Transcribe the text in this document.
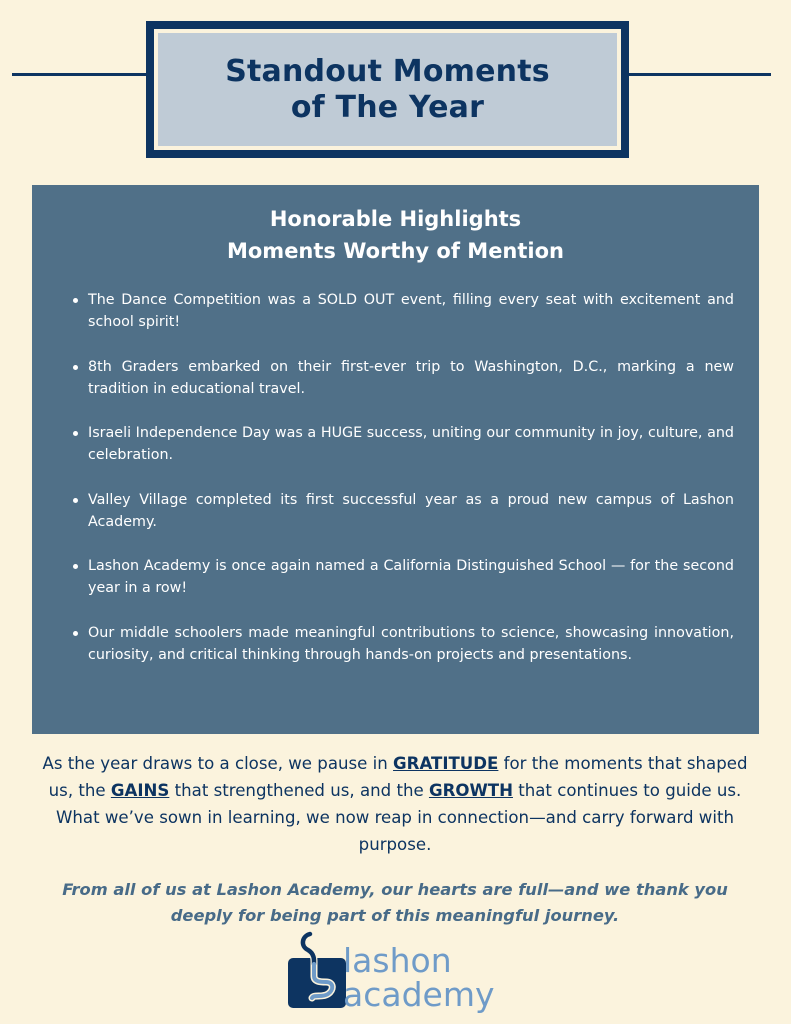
Standout Moments
of The Year
Honorable Highlights
Moments Worthy of Mention
The Dance Competition was a SOLD OUT event, filling every seat with excitement and school spirit!
8th Graders embarked on their first-ever trip to Washington, D.C., marking a new tradition in educational travel.
Israeli Independence Day was a HUGE success, uniting our community in joy, culture, and celebration.
Valley Village completed its first successful year as a proud new campus of Lashon Academy.
Lashon Academy is once again named a California Distinguished School — for the second year in a row!
Our middle schoolers made meaningful contributions to science, showcasing innovation, curiosity, and critical thinking through hands-on projects and presentations.

As the year draws to a close, we pause in GRATITUDE for the moments that shaped us, the GAINS that strengthened us, and the GROWTH that continues to guide us. What we’ve sown in learning, we now reap in connection—and carry forward with purpose.

From all of us at Lashon Academy, our hearts are full—and we thank you deeply for being part of this meaningful journey.

lashon
academy
